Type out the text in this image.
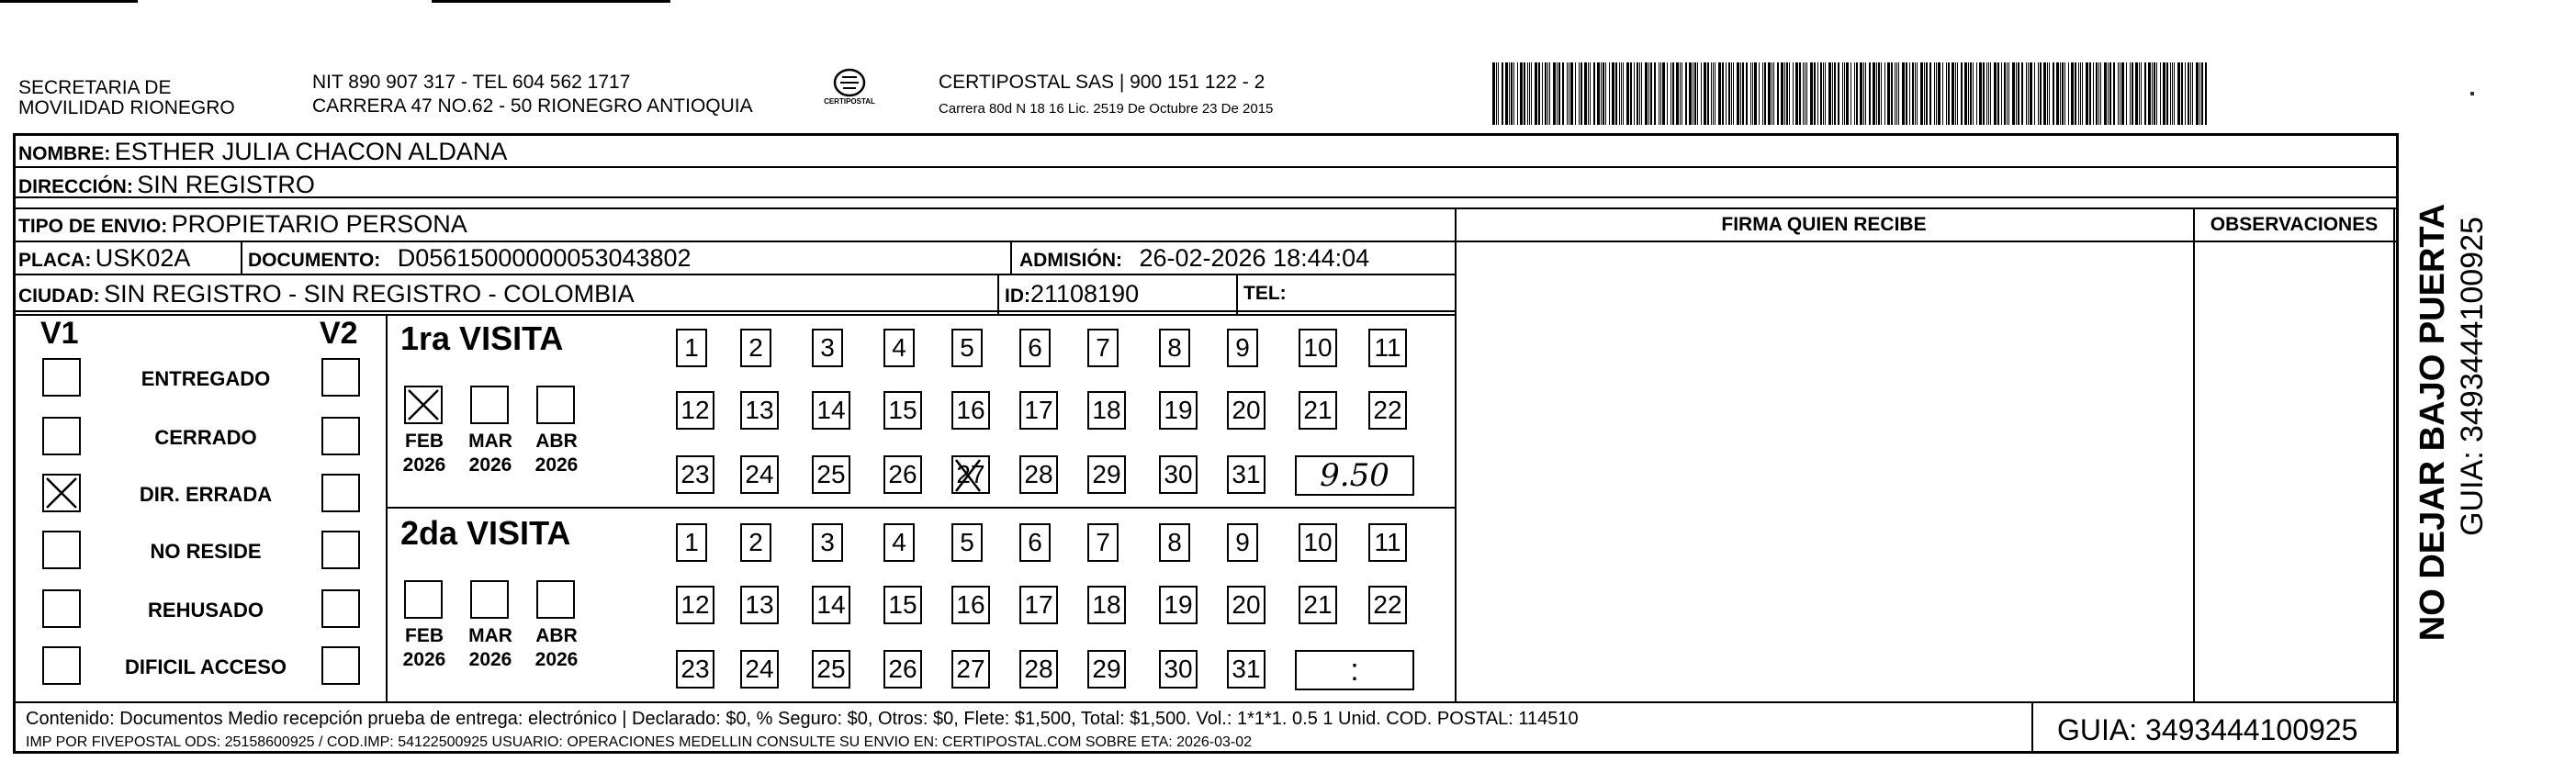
SECRETARIA DE
MOVILIDAD RIONEGRO
NIT 890 907 317 - TEL 604 562 1717
CARRERA 47 NO.62 - 50 RIONEGRO ANTIOQUIA	CERTIPOSTAL
CERTIPOSTAL SAS | 900 151 122 - 2
Carrera 80d N 18 16 Lic. 2519 De Octubre 23 De 2015
NOMBRE: ESTHER JULIA CHACON ALDANA
DIRECCIÓN: SIN REGISTRO
TIPO DE ENVIO: PROPIETARIO PERSONA
PLACA: USK02A	DOCUMENTO: D05615000000053043802	ADMISIÓN: 26-02-2026 18:44:04
CIUDAD: SIN REGISTRO - SIN REGISTRO - COLOMBIA	ID:21108190	TEL:
FIRMA QUIEN RECIBE	OBSERVACIONES
V1	V2
ENTREGADO
CERRADO
DIR. ERRADA
NO RESIDE
REHUSADO
DIFICIL ACCESO
1ra VISITA
FEB
2026
MAR
2026
ABR
2026
1	2	3	4	5	6	7	8	9	10 11
12 13 14 15 16 17 18 19 20 21 22
23 24 25 26 27 28 29 30 31	9.50
2da VISITA
FEB
2026
MAR
2026
ABR
2026
1	2	3	4	5	6	7	8	9	10 11
12 13 14 15 16 17 18 19 20 21 22
23 24 25 26 27 28 29 30 31	:
Contenido: Documentos Medio recepción prueba de entrega: electrónico | Declarado: $0, % Seguro: $0, Otros: $0, Flete: $1,500, Total: $1,500. Vol.: 1*1*1. 0.5 1 Unid. COD. POSTAL: 114510
IMP POR FIVEPOSTAL ODS: 25158600925 / COD.IMP: 54122500925 USUARIO: OPERACIONES MEDELLIN CONSULTE SU ENVIO EN: CERTIPOSTAL.COM SOBRE ETA: 2026-03-02	GUIA: 3493444100925
NO DEJAR BAJO PUERTA GUIA: 3493444100925
